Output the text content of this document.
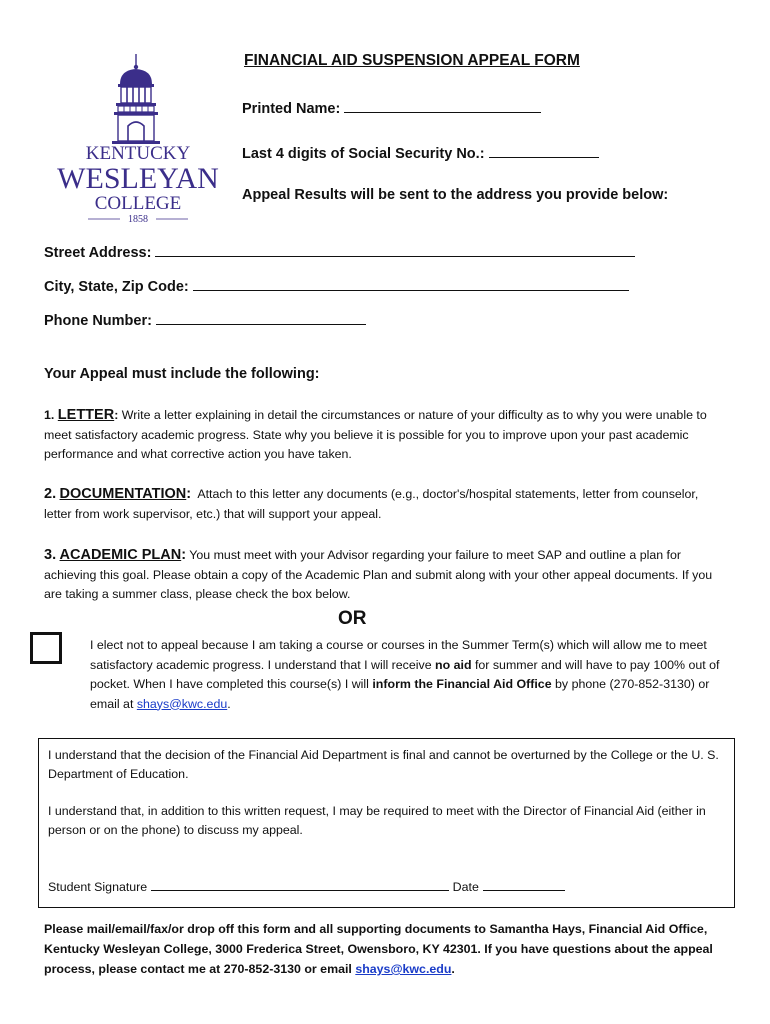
KENTUCKY
WESLEYAN
COLLEGE
1858
FINANCIAL AID SUSPENSION APPEAL FORM
Printed Name:
Last 4 digits of Social Security No.:
Appeal Results will be sent to the address you provide below:
Street Address:
City, State, Zip Code:
Phone Number:
Your Appeal must include the following:
1. LETTER: Write a letter explaining in detail the circumstances or nature of your difficulty as to why you were unable to meet satisfactory academic progress. State why you believe it is possible for you to improve upon your past academic performance and what corrective action you have taken.
2. DOCUMENTATION: Attach to this letter any documents (e.g., doctor's/hospital statements, letter from counselor, letter from work supervisor, etc.) that will support your appeal.
3. ACADEMIC PLAN: You must meet with your Advisor regarding your failure to meet SAP and outline a plan for achieving this goal. Please obtain a copy of the Academic Plan and submit along with your other appeal documents. If you are taking a summer class, please check the box below.
OR
I elect not to appeal because I am taking a course or courses in the Summer Term(s) which will allow me to meet satisfactory academic progress. I understand that I will receive no aid for summer and will have to pay 100% out of pocket. When I have completed this course(s) I will inform the Financial Aid Office by phone (270-852-3130) or email at shays@kwc.edu.
I understand that the decision of the Financial Aid Department is final and cannot be overturned by the College or the U. S. Department of Education.
I understand that, in addition to this written request, I may be required to meet with the Director of Financial Aid (either in person or on the phone) to discuss my appeal.
Student Signature	Date
Please mail/email/fax/or drop off this form and all supporting documents to Samantha Hays, Financial Aid Office, Kentucky Wesleyan College, 3000 Frederica Street, Owensboro, KY 42301. If you have questions about the appeal process, please contact me at 270-852-3130 or email shays@kwc.edu.
